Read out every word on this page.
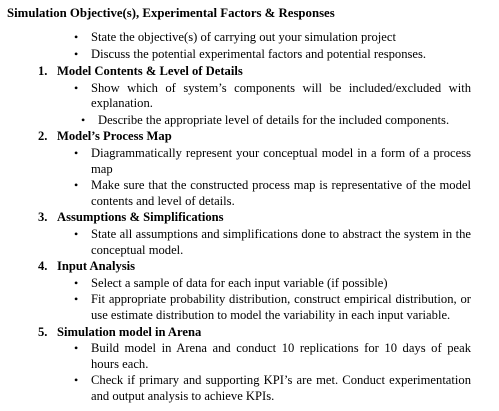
Simulation Objective(s), Experimental Factors & Responses
• State the objective(s) of carrying out your simulation project
• Discuss the potential experimental factors and potential responses.
1. Model Contents & Level of Details
• Show which of system’s components will be included/excluded with explanation.
• Describe the appropriate level of details for the included components.
2. Model’s Process Map
• Diagrammatically represent your conceptual model in a form of a process map
• Make sure that the constructed process map is representative of the model contents and level of details.
3. Assumptions & Simplifications
• State all assumptions and simplifications done to abstract the system in the conceptual model.
4. Input Analysis
• Select a sample of data for each input variable (if possible)
• Fit appropriate probability distribution, construct empirical distribution, or use estimate distribution to model the variability in each input variable.
5. Simulation model in Arena
• Build model in Arena and conduct 10 replications for 10 days of peak hours each.
• Check if primary and supporting KPI’s are met. Conduct experimentation and output analysis to achieve KPIs.
